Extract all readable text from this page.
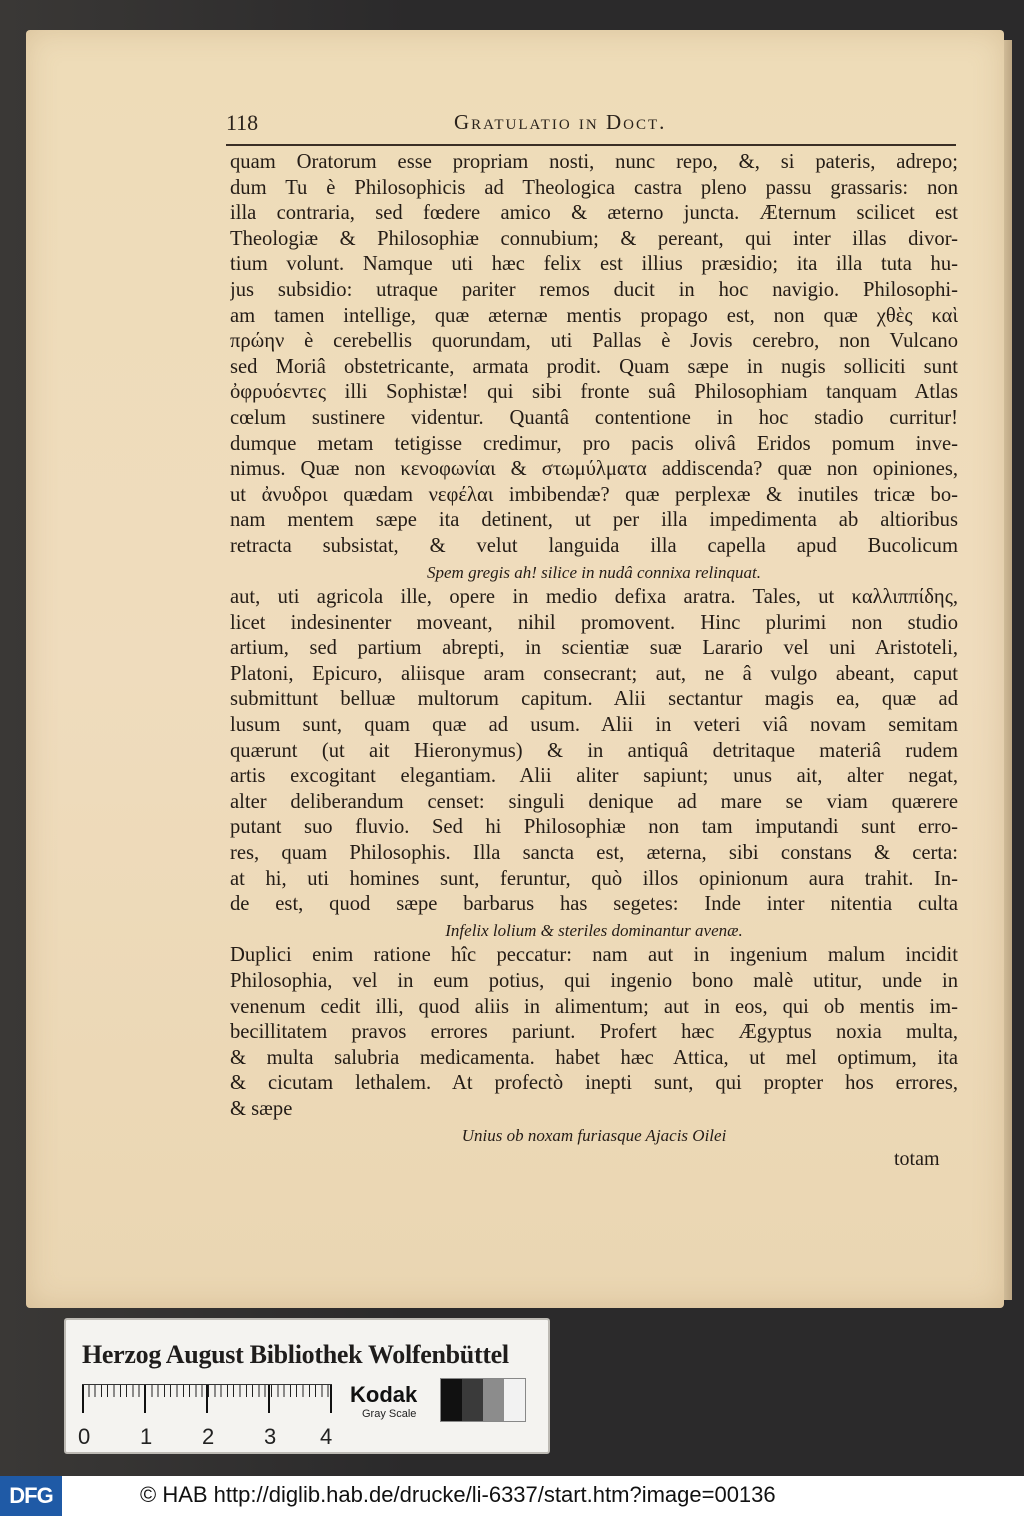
118	Gratulatio in Doct.
quam Oratorum esse propriam nosti, nunc repo, &, si pateris, adrepo;
dum Tu è Philosophicis ad Theologica castra pleno passu grassaris: non
illa contraria, sed fœdere amico & æterno juncta. Æternum scilicet est
Theologiæ & Philosophiæ connubium; & pereant, qui inter illas divor-
tium volunt. Namque uti hæc felix est illius præsidio; ita illa tuta hu-
jus subsidio: utraque pariter remos ducit in hoc navigio. Philosophi-
am tamen intellige, quæ æternæ mentis propago est, non quæ χθὲς καὶ
πρώην è cerebellis quorundam, uti Pallas è Jovis cerebro, non Vulcano
sed Moriâ obstetricante, armata prodit. Quam sæpe in nugis solliciti sunt
ὀφρυόεντες illi Sophistæ! qui sibi fronte suâ Philosophiam tanquam Atlas
cœlum sustinere videntur. Quantâ contentione in hoc stadio curritur!
dumque metam tetigisse credimur, pro pacis olivâ Eridos pomum inve-
nimus. Quæ non κενοφωνίαι & στωμύλματα addiscenda? quæ non opiniones,
ut ἀνυδροι quædam νεφέλαι imbibendæ? quæ perplexæ & inutiles tricæ bo-
nam mentem sæpe ita detinent, ut per illa impedimenta ab altioribus
retracta subsistat, & velut languida illa capella apud Bucolicum
Spem gregis ah! silice in nudâ connixa relinquat.
aut, uti agricola ille, opere in medio defixa aratra. Tales, ut καλλιππίδης,
licet indesinenter moveant, nihil promovent. Hinc plurimi non studio
artium, sed partium abrepti, in scientiæ suæ Larario vel uni Aristoteli,
Platoni, Epicuro, aliisque aram consecrant; aut, ne â vulgo abeant, caput
submittunt belluæ multorum capitum. Alii sectantur magis ea, quæ ad
lusum sunt, quam quæ ad usum. Alii in veteri viâ novam semitam
quærunt (ut ait Hieronymus) & in antiquâ detritaque materiâ rudem
artis excogitant elegantiam. Alii aliter sapiunt; unus ait, alter negat,
alter deliberandum censet: singuli denique ad mare se viam quærere
putant suo fluvio. Sed hi Philosophiæ non tam imputandi sunt erro-
res, quam Philosophis. Illa sancta est, æterna, sibi constans & certa:
at hi, uti homines sunt, feruntur, quò illos opinionum aura trahit. In-
de est, quod sæpe barbarus has segetes: Inde inter nitentia culta
Infelix lolium & steriles dominantur avenæ.
Duplici enim ratione hîc peccatur: nam aut in ingenium malum incidit
Philosophia, vel in eum potius, qui ingenio bono malè utitur, unde in
venenum cedit illi, quod aliis in alimentum; aut in eos, qui ob mentis im-
becillitatem pravos errores pariunt. Profert hæc Ægyptus noxia multa,
& multa salubria medicamenta. habet hæc Attica, ut mel optimum, ita
& cicutam lethalem. At profectò inepti sunt, qui propter hos errores,
& sæpe
Unius ob noxam furiasque Ajacis Oilei
totam
Herzog August Bibliothek Wolfenbüttel
0 1 2 3 4
Kodak
Gray Scale
DFG	© HAB http://diglib.hab.de/drucke/li-6337/start.htm?image=00136
